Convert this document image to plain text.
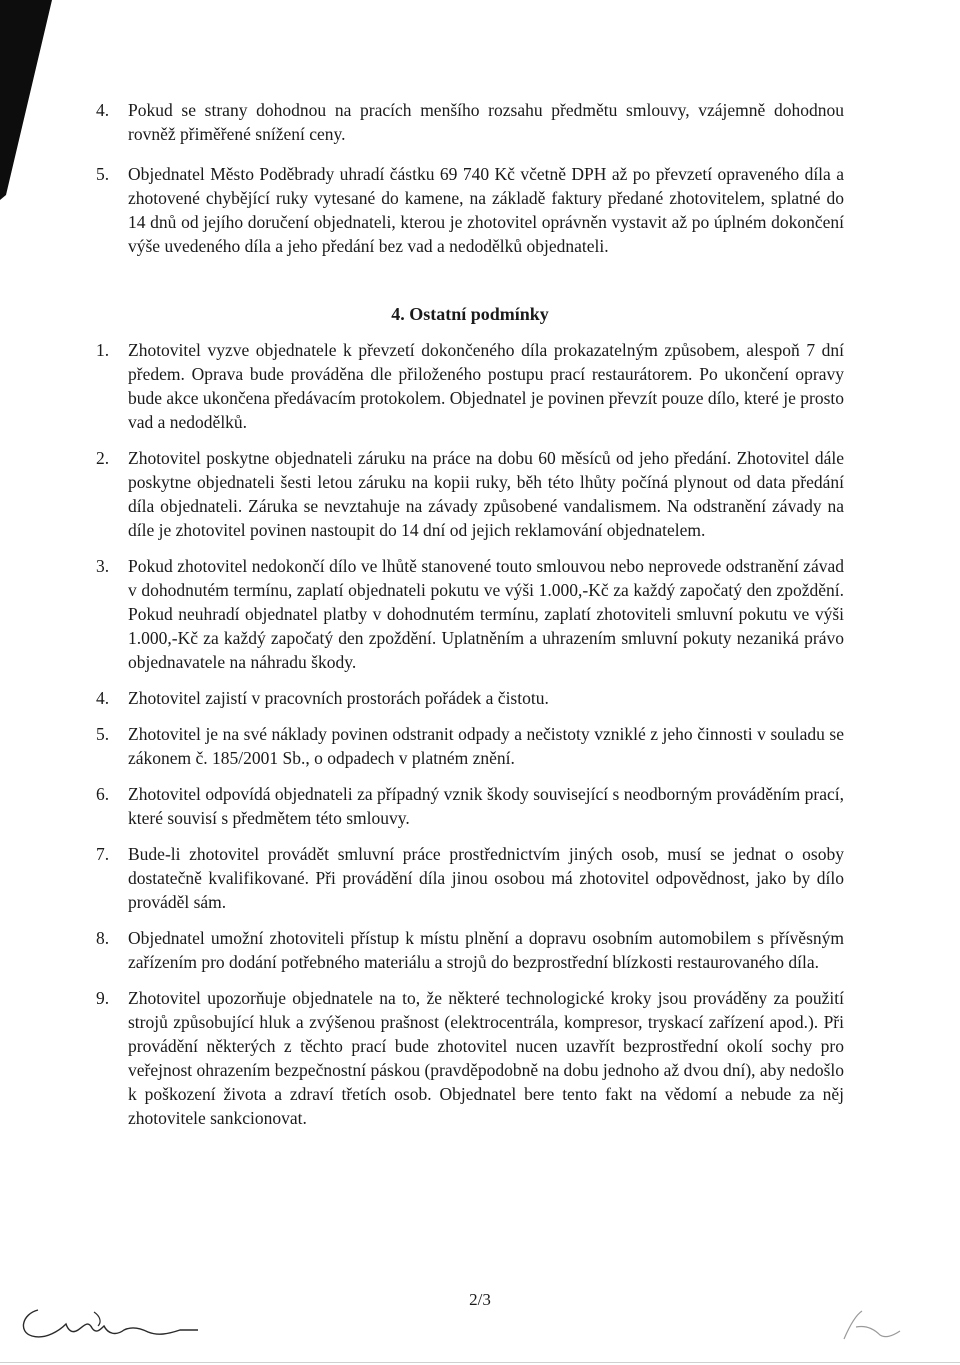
4.	Pokud se strany dohodnou na pracích menšího rozsahu předmětu smlouvy, vzájemně dohodnou rovněž přiměřené snížení ceny.
5.	Objednatel Město Poděbrady uhradí částku 69 740 Kč včetně DPH až po převzetí opraveného díla a zhotovené chybějící ruky vytesané do kamene, na základě faktury předané zhotovitelem, splatné do 14 dnů od jejího doručení objednateli, kterou je zhotovitel oprávněn vystavit až po úplném dokončení výše uvedeného díla a jeho předání bez vad a nedodělků objednateli.
4. Ostatní podmínky
1.	Zhotovitel vyzve objednatele k převzetí dokončeného díla prokazatelným způsobem, alespoň 7 dní předem. Oprava bude prováděna dle přiloženého postupu prací restaurátorem. Po ukončení opravy bude akce ukončena předávacím protokolem. Objednatel je povinen převzít pouze dílo, které je prosto vad a nedodělků.
2.	Zhotovitel poskytne objednateli záruku na práce na dobu 60 měsíců od jeho předání. Zhotovitel dále poskytne objednateli šesti letou záruku na kopii ruky, běh této lhůty počíná plynout od data předání díla objednateli. Záruka se nevztahuje na závady způsobené vandalismem. Na odstranění závady na díle je zhotovitel povinen nastoupit do 14 dní od jejich reklamování objednatelem.
3.	Pokud zhotovitel nedokončí dílo ve lhůtě stanovené touto smlouvou nebo neprovede odstranění závad v dohodnutém termínu, zaplatí objednateli pokutu ve výši 1.000,-Kč za každý započatý den zpoždění. Pokud neuhradí objednatel platby v dohodnutém termínu, zaplatí zhotoviteli smluvní pokutu ve výši 1.000,-Kč za každý započatý den zpoždění. Uplatněním a uhrazením smluvní pokuty nezaniká právo objednavatele na náhradu škody.
4.	Zhotovitel zajistí v pracovních prostorách pořádek a čistotu.
5.	Zhotovitel je na své náklady povinen odstranit odpady a nečistoty vzniklé z jeho činnosti v souladu se zákonem č. 185/2001 Sb., o odpadech v platném znění.
6.	Zhotovitel odpovídá objednateli za případný vznik škody související s neodborným prováděním prací, které souvisí s předmětem této smlouvy.
7.	Bude-li zhotovitel provádět smluvní práce prostřednictvím jiných osob, musí se jednat o osoby dostatečně kvalifikované. Při provádění díla jinou osobou má zhotovitel odpovědnost, jako by dílo prováděl sám.
8.	Objednatel umožní zhotoviteli přístup k místu plnění a dopravu osobním automobilem s přívěsným zařízením pro dodání potřebného materiálu a strojů do bezprostřední blízkosti restaurovaného díla.
9.	Zhotovitel upozorňuje objednatele na to, že některé technologické kroky jsou prováděny za použití strojů způsobující hluk a zvýšenou prašnost (elektrocentrála, kompresor, tryskací zařízení apod.). Při provádění některých z těchto prací bude zhotovitel nucen uzavřít bezprostřední okolí sochy pro veřejnost ohrazením bezpečnostní páskou (pravděpodobně na dobu jednoho až dvou dní), aby nedošlo k poškození života a zdraví třetích osob. Objednatel bere tento fakt na vědomí a nebude za něj zhotovitele sankcionovat.
2/3
